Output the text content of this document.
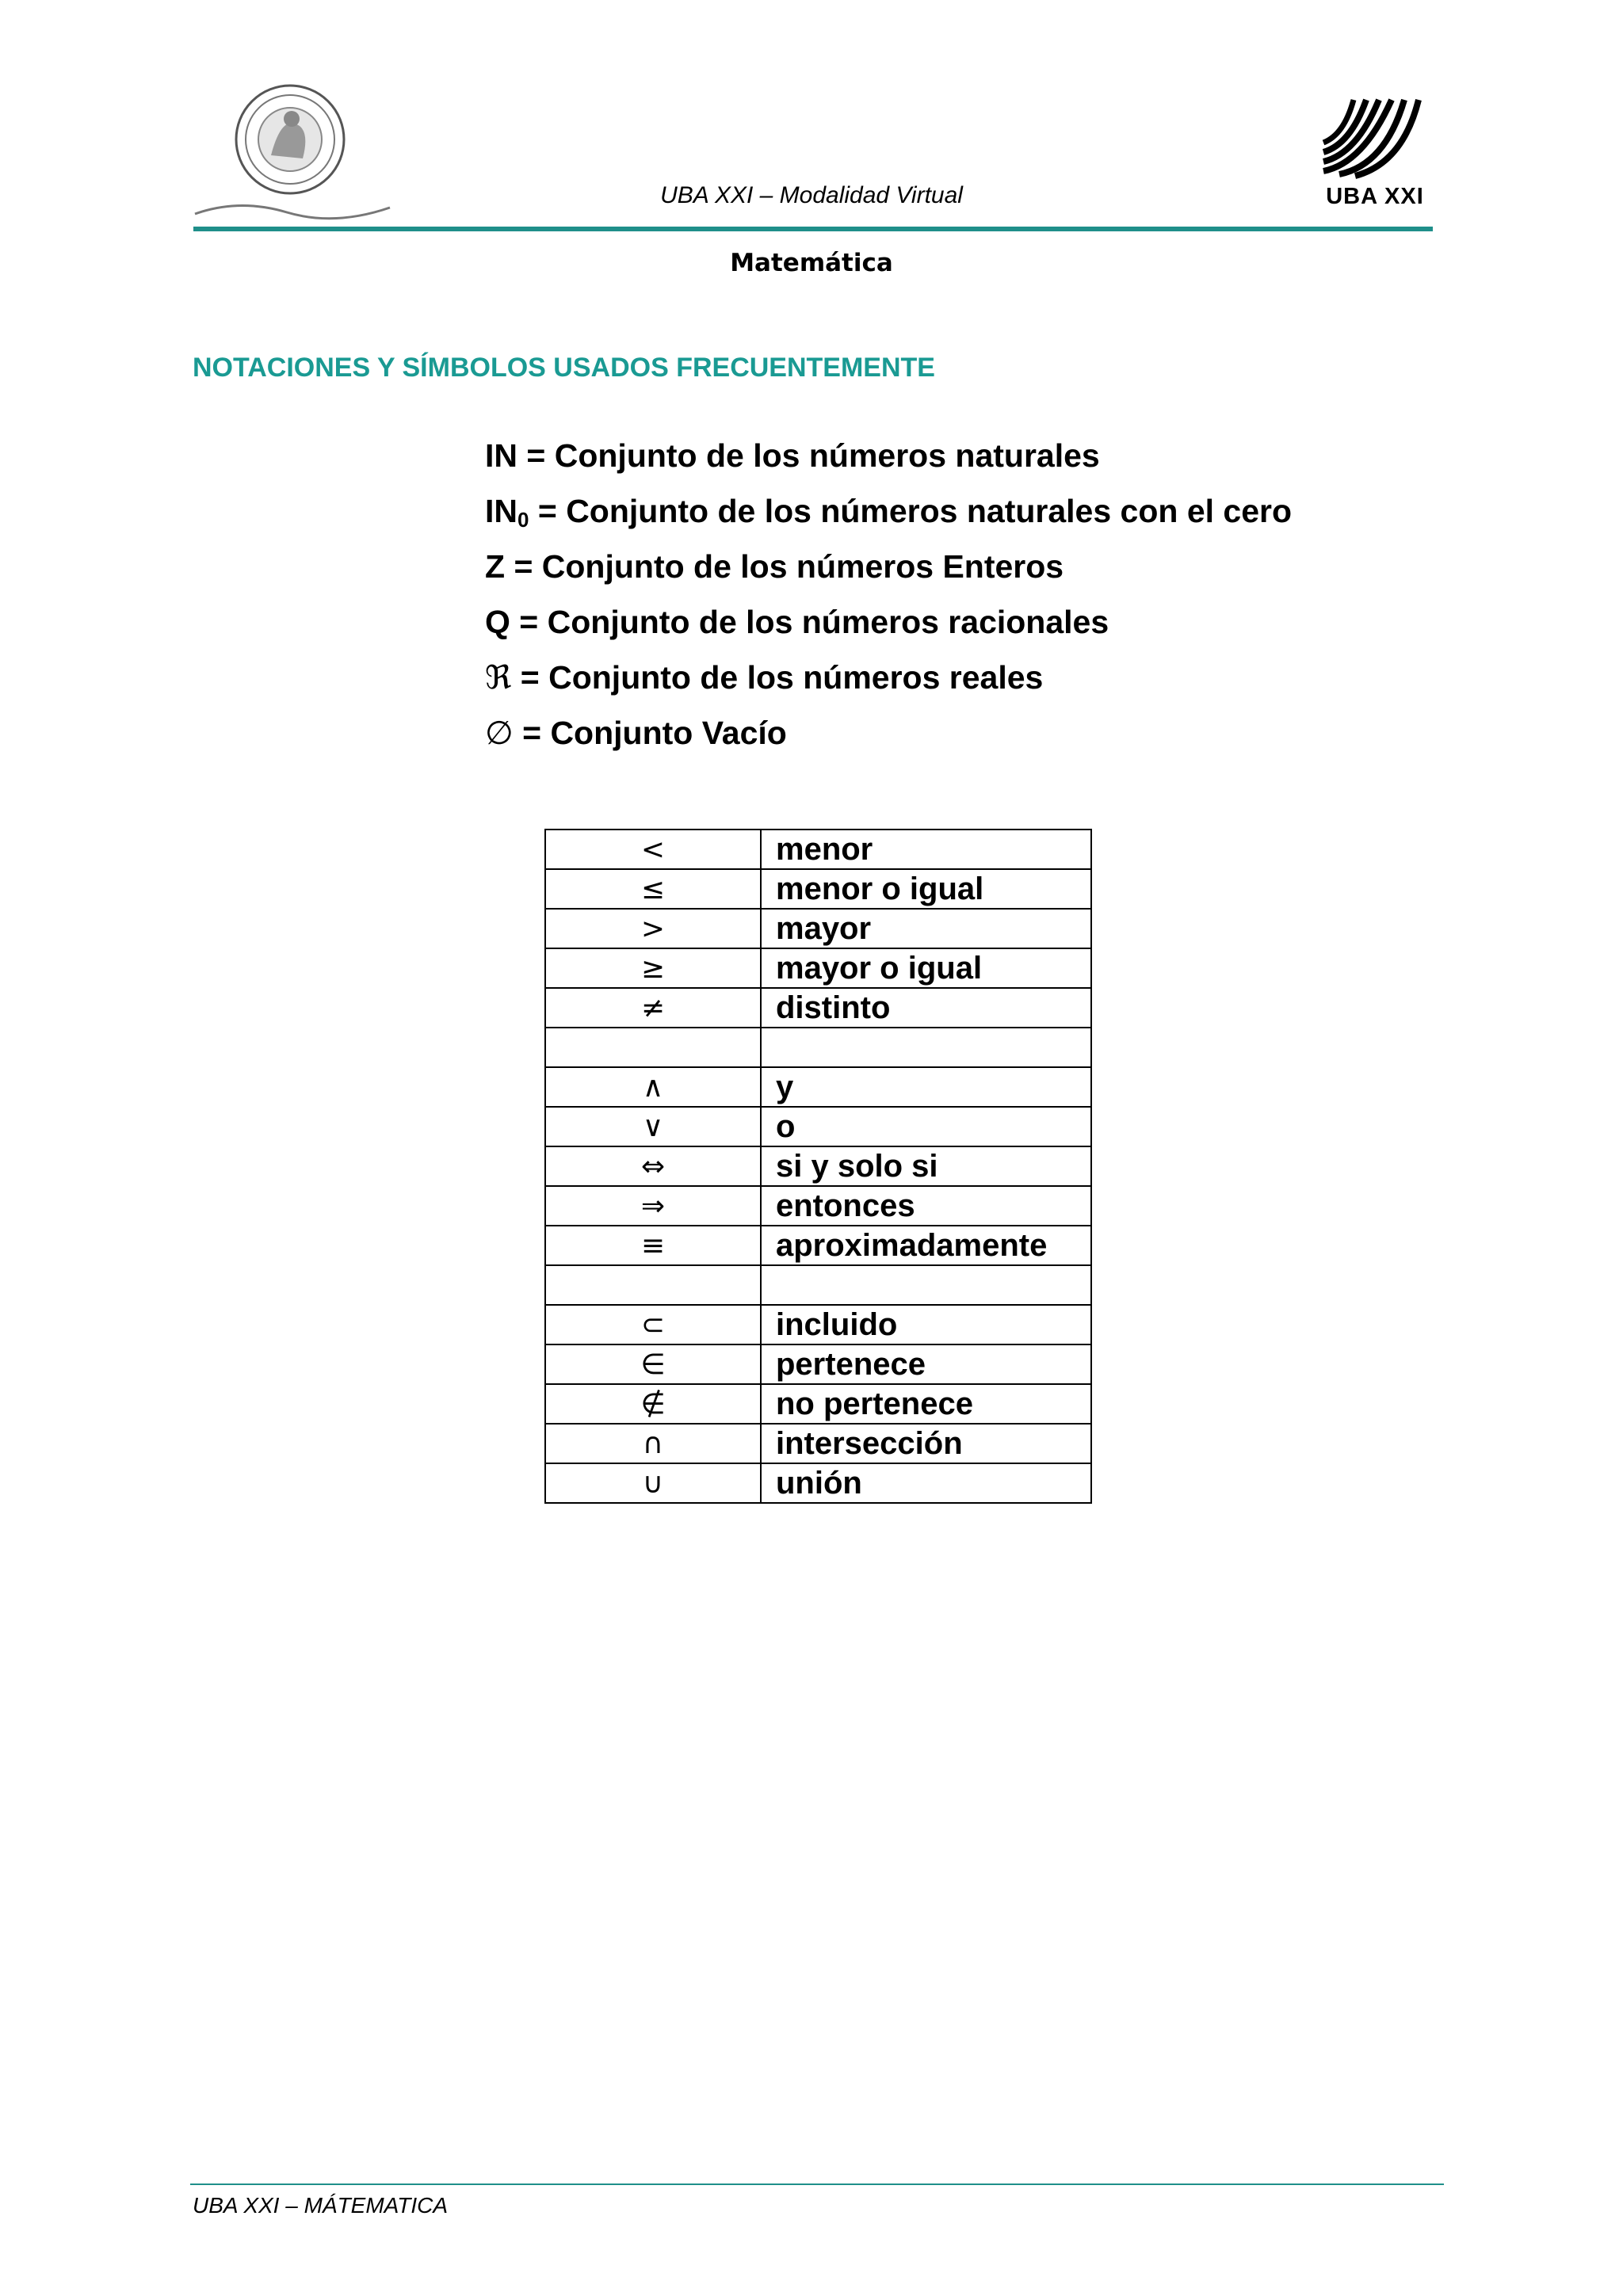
UBA XXI – Modalidad Virtual	UBA XXI
Matemática
NOTACIONES Y SÍMBOLOS USADOS FRECUENTEMENTE
IN = Conjunto de los números naturales
$IN_0$ = Conjunto de los números naturales con el cero
Z = Conjunto de los números Enteros
Q = Conjunto de los números racionales
ℜ = Conjunto de los números reales
∅ = Conjunto Vacío
<	menor
≤	menor o igual
>	mayor
≥	mayor o igual
≠	distinto

∧	y
∨	o
⇔	si y solo si
⇒	entonces
≡	aproximadamente

⊂	incluido
∈	pertenece
∉	no pertenece
∩	intersección
∪	unión
UBA XXI – MÁTEMATICA
